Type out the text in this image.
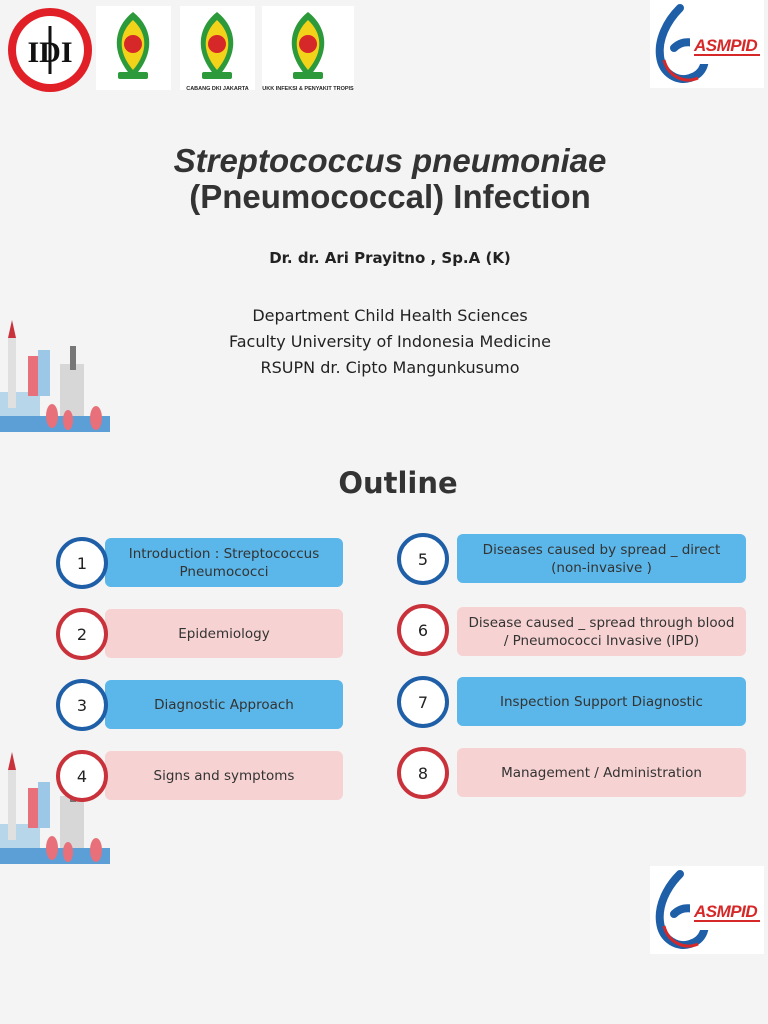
IDI
CABANG DKI JAKARTA	UKK INFEKSI & PENYAKIT TROPIS
ASMPID
Streptococcus pneumoniae
(Pneumococcal) Infection
Dr. dr. Ari Prayitno , Sp.A (K)
Department Child Health Sciences
Faculty University of Indonesia Medicine
RSUPN dr. Cipto Mangunkusumo
Outline
1	Introduction : Streptococcus Pneumococci
2	Epidemiology
3	Diagnostic Approach
4	Signs and symptoms
5	Diseases caused by spread _ direct (non-invasive )
6	Disease caused _ spread through blood / Pneumococci Invasive (IPD)
7	Inspection Support Diagnostic
8	Management / Administration
ASMPID
